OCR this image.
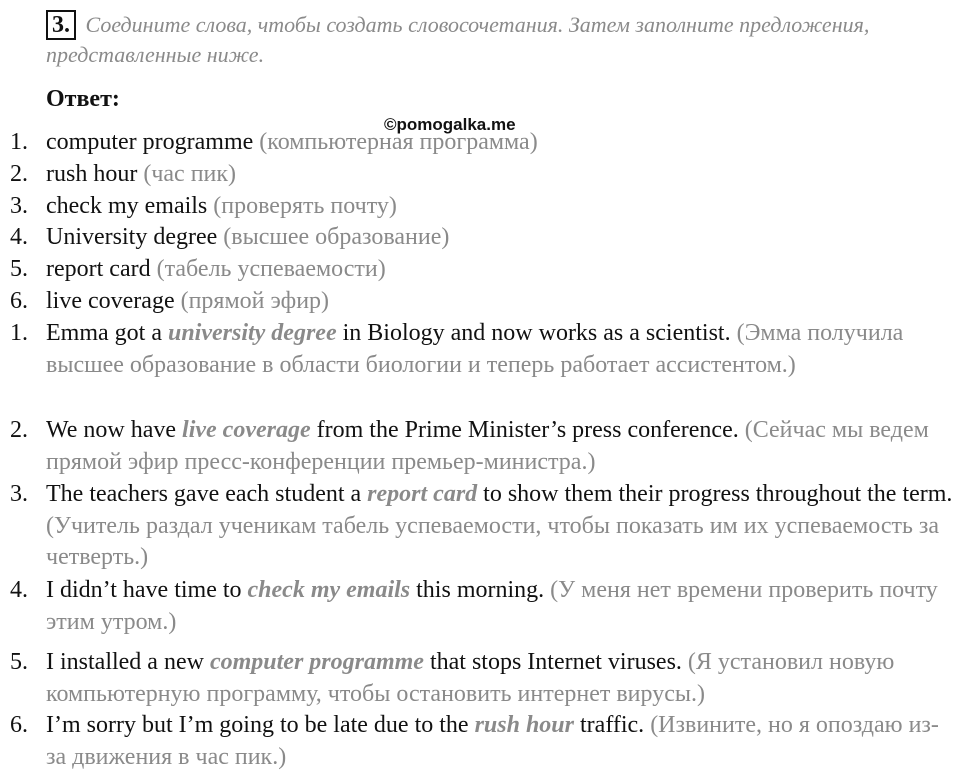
3. Соедините слова, чтобы создать словосочетания. Затем заполните предложения, представленные ниже.
Ответ:
©pomogalka.me
1. computer programme (компьютерная программа)
2. rush hour (час пик)
3. check my emails (проверять почту)
4. University degree (высшее образование)
5. report card (табель успеваемости)
6. live coverage (прямой эфир)
1. Emma got a university degree in Biology and now works as a scientist. (Эмма получила высшее образование в области биологии и теперь работает ассистентом.)
2. We now have live coverage from the Prime Minister’s press conference. (Сейчас мы ведем прямой эфир пресс-конференции премьер-министра.)
3. The teachers gave each student a report card to show them their progress throughout the term. (Учитель раздал ученикам табель успеваемости, чтобы показать им их успеваемость за четверть.)
4. I didn’t have time to check my emails this morning. (У меня нет времени проверить почту этим утром.)
5. I installed a new computer programme that stops Internet viruses. (Я установил новую компьютерную программу, чтобы остановить интернет вирусы.)
6. I’m sorry but I’m going to be late due to the rush hour traffic. (Извините, но я опоздаю из-за движения в час пик.)
